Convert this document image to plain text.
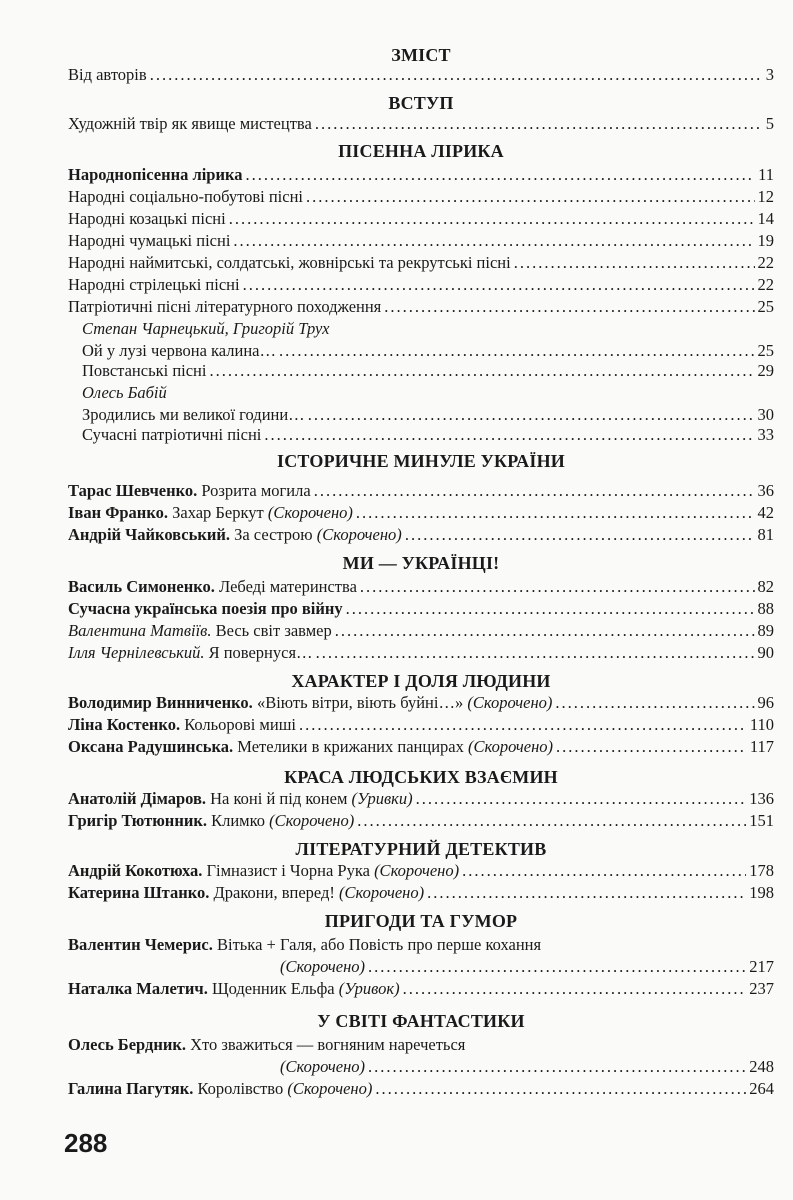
ЗМІСТ
Від авторів .....	3
ВСТУП
Художній твір як явище мистецтва .....	5
ПІСЕННА ЛІРИКА
Народнопісенна лірика .....	11
Народні соціально-побутові пісні .....	12
Народні козацькі пісні .....	14
Народні чумацькі пісні .....	19
Народні наймитські, солдатські, жовнірські та рекрутські пісні .....	22
Народні стрілецькі пісні .....	22
Патріотичні пісні літературного походження .....	25
Степан Чарнецький, Григорій Трух
Ой у лузі червона калина… .....	25
Повстанські пісні .....	29
Олесь Бабій
Зродились ми великої години… .....	30
Сучасні патріотичні пісні .....	33
ІСТОРИЧНЕ МИНУЛЕ УКРАЇНИ
Тарас Шевченко. Розрита могила .....	36
Іван Франко. Захар Беркут (Скорочено) .....	42
Андрій Чайковський. За сестрою (Скорочено) .....	81
МИ — УКРАЇНЦІ!
Василь Симоненко. Лебеді материнства .....	82
Сучасна українська поезія про війну .....	88
Валентина Матвіїв. Весь світ завмер .....	89
Ілля Чернілевський. Я повернуся… .....	90
ХАРАКТЕР І ДОЛЯ ЛЮДИНИ
Володимир Винниченко. «Віють вітри, віють буйні…» (Скорочено) .....	96
Ліна Костенко. Кольорові миші .....	110
Оксана Радушинська. Метелики в крижаних панцирах (Скорочено) .....	117
КРАСА ЛЮДСЬКИХ ВЗАЄМИН
Анатолій Дімаров. На коні й під конем (Уривки) .....	136
Григір Тютюнник. Климко (Скорочено) .....	151
ЛІТЕРАТУРНИЙ ДЕТЕКТИВ
Андрій Кокотюха. Гімназист і Чорна Рука (Скорочено) .....	178
Катерина Штанко. Дракони, вперед! (Скорочено) .....	198
ПРИГОДИ ТА ГУМОР
Валентин Чемерис. Вітька + Галя, або Повість про перше кохання
(Скорочено) .....	217
Наталка Малетич. Щоденник Ельфа (Уривок) .....	237
У СВІТІ ФАНТАСТИКИ
Олесь Бердник. Хто зважиться — вогняним наречеться
(Скорочено) .....	248
Галина Пагутяк. Королівство (Скорочено) .....	264
288
